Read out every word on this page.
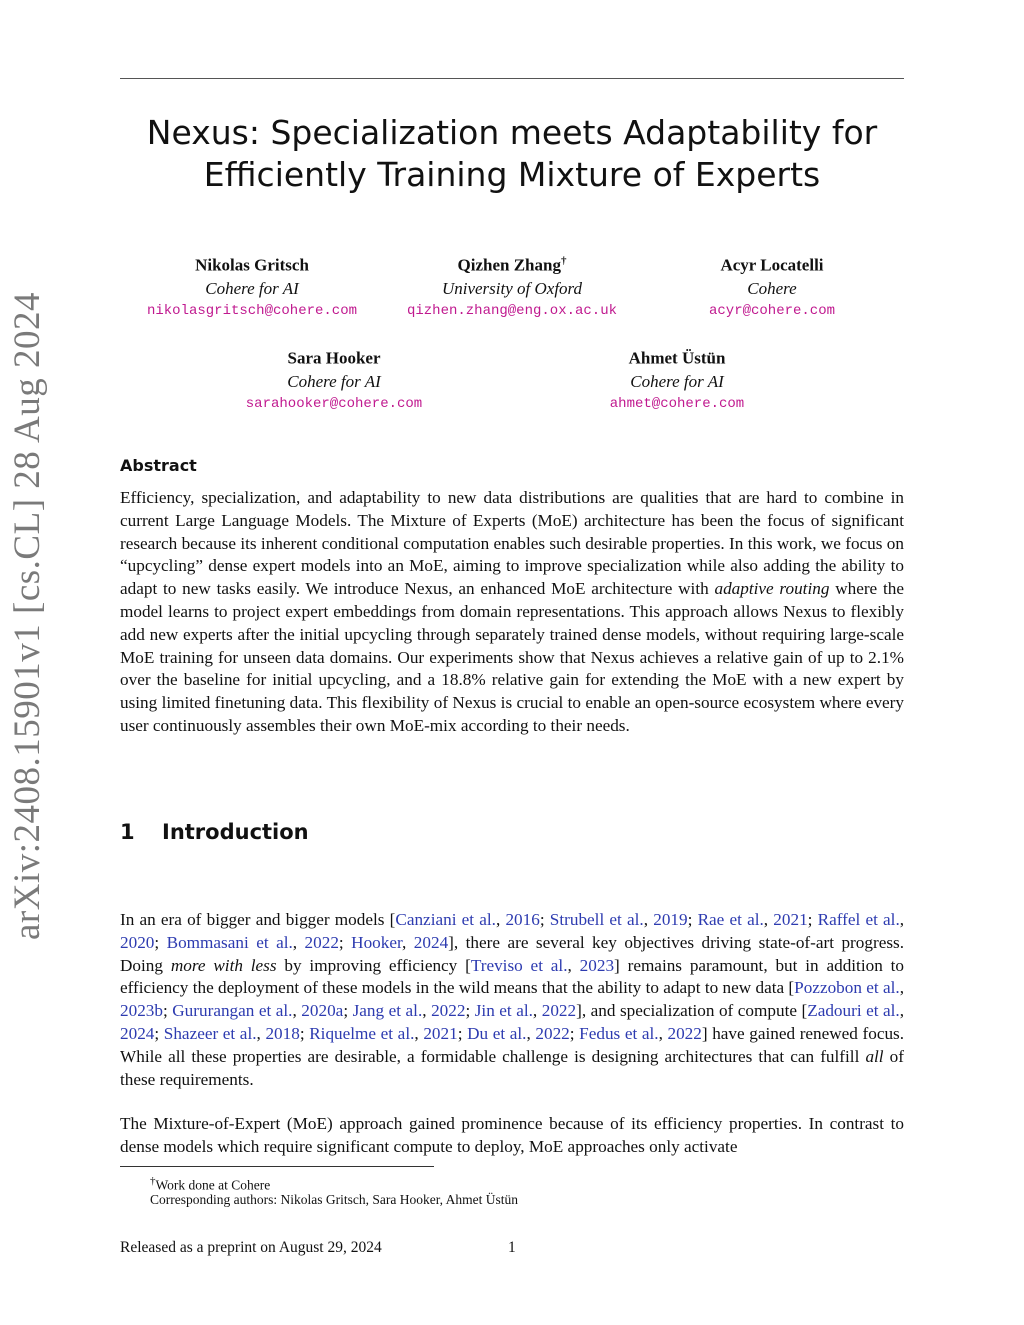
arXiv:2408.15901v1 [cs.CL] 28 Aug 2024
Nexus: Specialization meets Adaptability for
Efficiently Training Mixture of Experts
Nikolas Gritsch
Cohere for AI
nikolasgritsch@cohere.com
Qizhen Zhang†
University of Oxford
qizhen.zhang@eng.ox.ac.uk
Acyr Locatelli
Cohere
acyr@cohere.com
Sara Hooker
Cohere for AI
sarahooker@cohere.com
Ahmet Üstün
Cohere for AI
ahmet@cohere.com
Abstract
Efficiency, specialization, and adaptability to new data distributions are qualities that are hard to combine in current Large Language Models. The Mixture of Experts (MoE) architecture has been the focus of significant research because its inherent conditional computation enables such desirable properties. In this work, we focus on “upcycling” dense expert models into an MoE, aiming to improve specialization while also adding the ability to adapt to new tasks easily. We introduce Nexus, an enhanced MoE architecture with adaptive routing where the model learns to project expert embeddings from domain representations. This approach allows Nexus to flexibly add new experts after the initial upcycling through separately trained dense models, without requiring large-scale MoE training for unseen data domains. Our experiments show that Nexus achieves a relative gain of up to 2.1% over the baseline for initial upcycling, and a 18.8% relative gain for extending the MoE with a new expert by using limited finetuning data. This flexibility of Nexus is crucial to enable an open-source ecosystem where every user continuously assembles their own MoE-mix according to their needs.
1 Introduction
In an era of bigger and bigger models [Canziani et al., 2016; Strubell et al., 2019; Rae et al., 2021; Raffel et al., 2020; Bommasani et al., 2022; Hooker, 2024], there are several key objectives driving state-of-art progress. Doing more with less by improving efficiency [Treviso et al., 2023] remains paramount, but in addition to efficiency the deployment of these models in the wild means that the ability to adapt to new data [Pozzobon et al., 2023b; Gururangan et al., 2020a; Jang et al., 2022; Jin et al., 2022], and specialization of compute [Zadouri et al., 2024; Shazeer et al., 2018; Riquelme et al., 2021; Du et al., 2022; Fedus et al., 2022] have gained renewed focus. While all these properties are desirable, a formidable challenge is designing architectures that can fulfill all of these requirements.
The Mixture-of-Expert (MoE) approach gained prominence because of its efficiency properties. In contrast to dense models which require significant compute to deploy, MoE approaches only activate
†Work done at Cohere
Corresponding authors: Nikolas Gritsch, Sara Hooker, Ahmet Üstün
Released as a preprint on August 29, 2024	1
